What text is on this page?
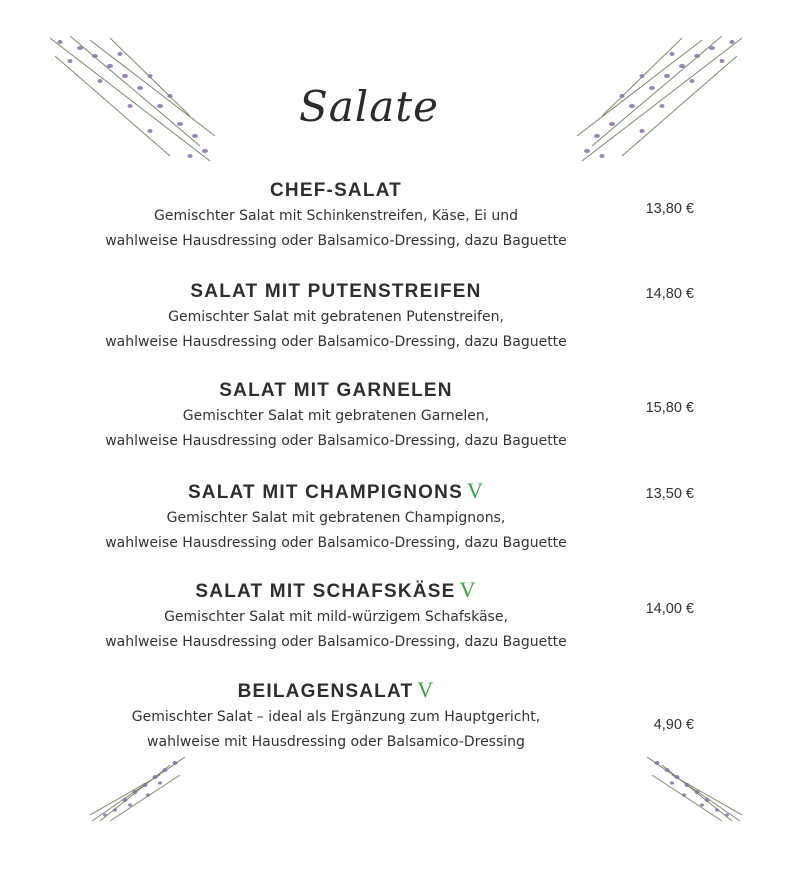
Salate
CHEF-SALAT
Gemischter Salat mit Schinkenstreifen, Käse, Ei und
wahlweise Hausdressing oder Balsamico-Dressing, dazu Baguette
13,80 €
SALAT MIT PUTENSTREIFEN
Gemischter Salat mit gebratenen Putenstreifen,
wahlweise Hausdressing oder Balsamico-Dressing, dazu Baguette
14,80 €
SALAT MIT GARNELEN
Gemischter Salat mit gebratenen Garnelen,
wahlweise Hausdressing oder Balsamico-Dressing, dazu Baguette
15,80 €
SALAT MIT CHAMPIGNONS V
Gemischter Salat mit gebratenen Champignons,
wahlweise Hausdressing oder Balsamico-Dressing, dazu Baguette
13,50 €
SALAT MIT SCHAFSKÄSE V
Gemischter Salat mit mild-würzigem Schafskäse,
wahlweise Hausdressing oder Balsamico-Dressing, dazu Baguette
14,00 €
BEILAGENSALAT V
Gemischter Salat – ideal als Ergänzung zum Hauptgericht,
wahlweise mit Hausdressing oder Balsamico-Dressing
4,90 €
